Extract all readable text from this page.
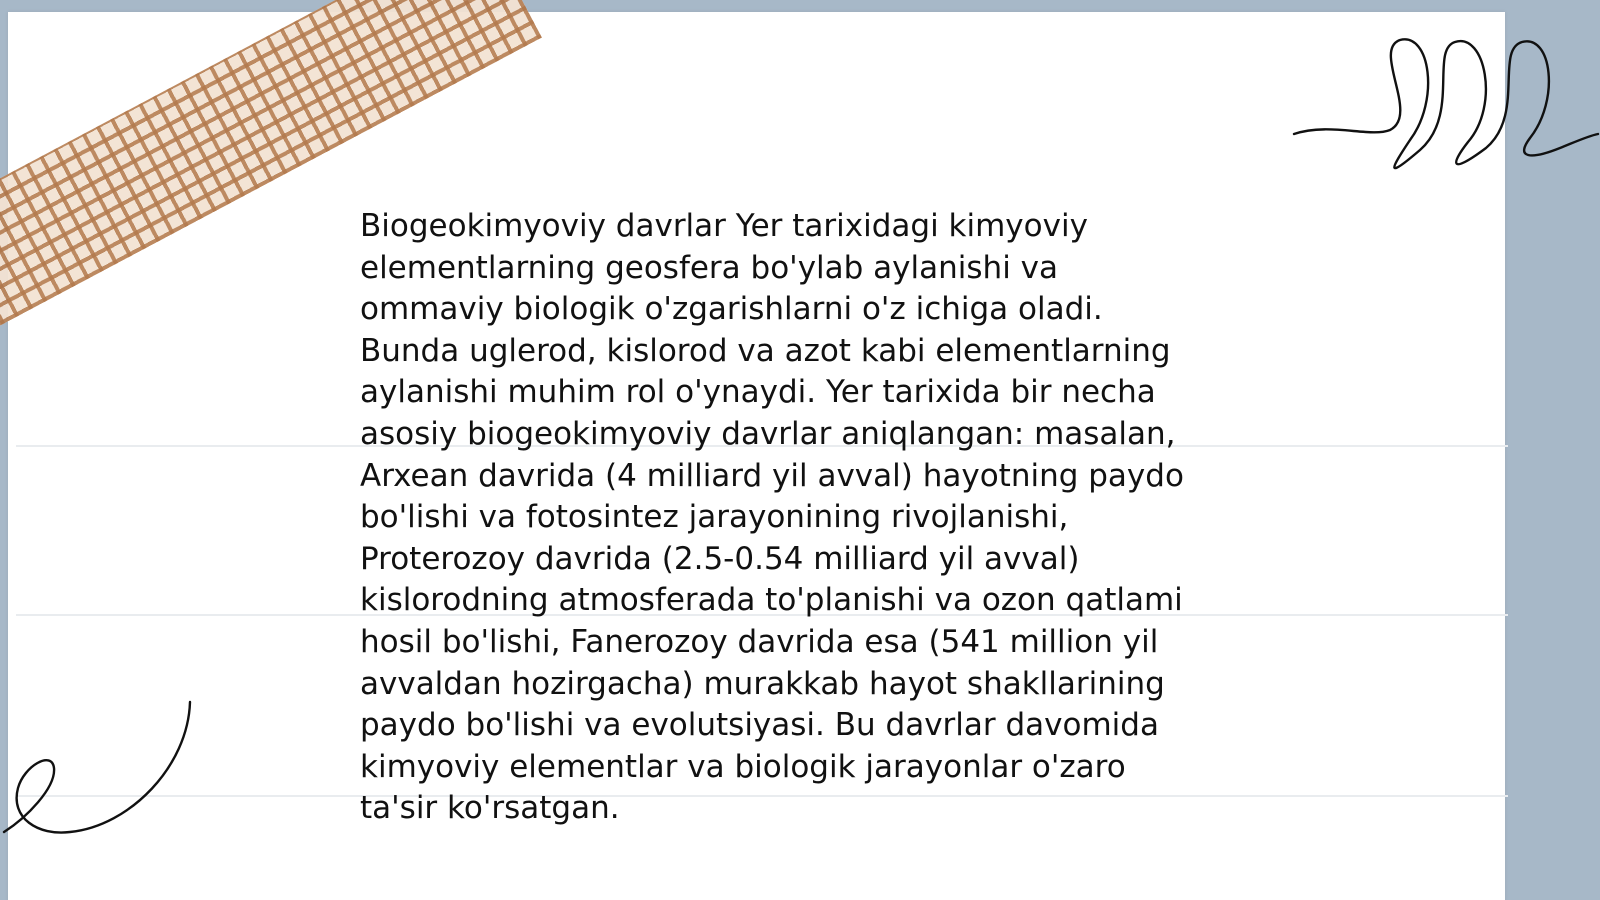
Biogeokimyoviy davrlar Yer tarixidagi kimyoviy
elementlarning geosfera bo'ylab aylanishi va
ommaviy biologik o'zgarishlarni o'z ichiga oladi.
Bunda uglerod, kislorod va azot kabi elementlarning
aylanishi muhim rol o'ynaydi. Yer tarixida bir necha
asosiy biogeokimyoviy davrlar aniqlangan: masalan,
Arxean davrida (4 milliard yil avval) hayotning paydo
bo'lishi va fotosintez jarayonining rivojlanishi,
Proterozoy davrida (2.5-0.54 milliard yil avval)
kislorodning atmosferada to'planishi va ozon qatlami
hosil bo'lishi, Fanerozoy davrida esa (541 million yil
avvaldan hozirgacha) murakkab hayot shakllarining
paydo bo'lishi va evolutsiyasi. Bu davrlar davomida
kimyoviy elementlar va biologik jarayonlar o'zaro
ta'sir ko'rsatgan.
